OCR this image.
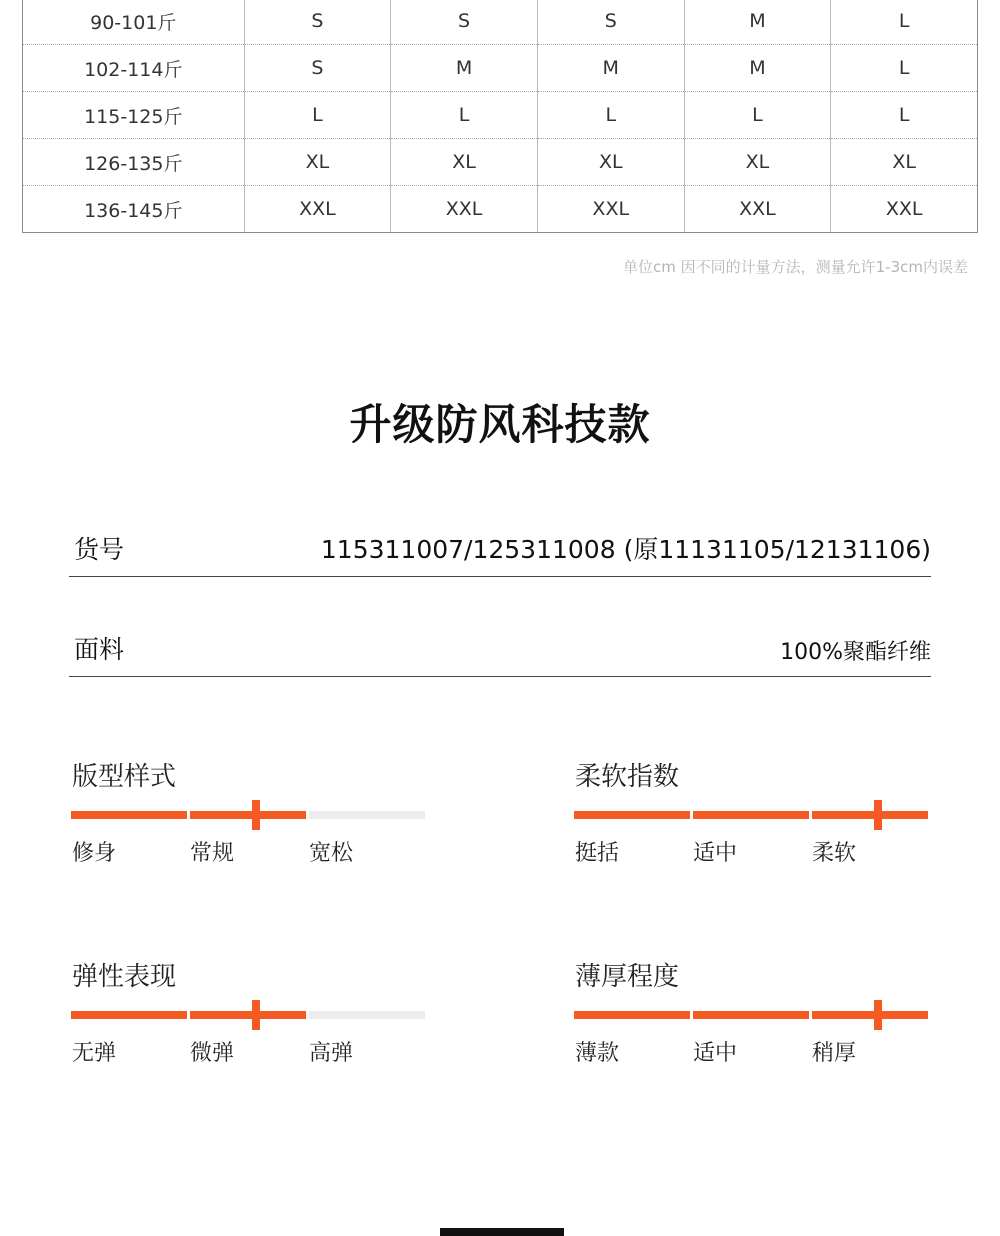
90-101斤	S	S	S	M	L
102-114斤	S	M	M	M	L
115-125斤	L	L	L	L	L
126-135斤	XL	XL	XL	XL	XL
136-145斤	XXL	XXL	XXL	XXL	XXL
单位cm 因不同的计量方法，测量允许1-3cm内误差
升级防风科技款
货号	115311007/125311008 (原11131105/12131106)
面料	100%聚酯纤维
版型样式
修身	常规	宽松
柔软指数
挺括	适中	柔软
弹性表现
无弹	微弹	高弹
薄厚程度
薄款	适中	稍厚
